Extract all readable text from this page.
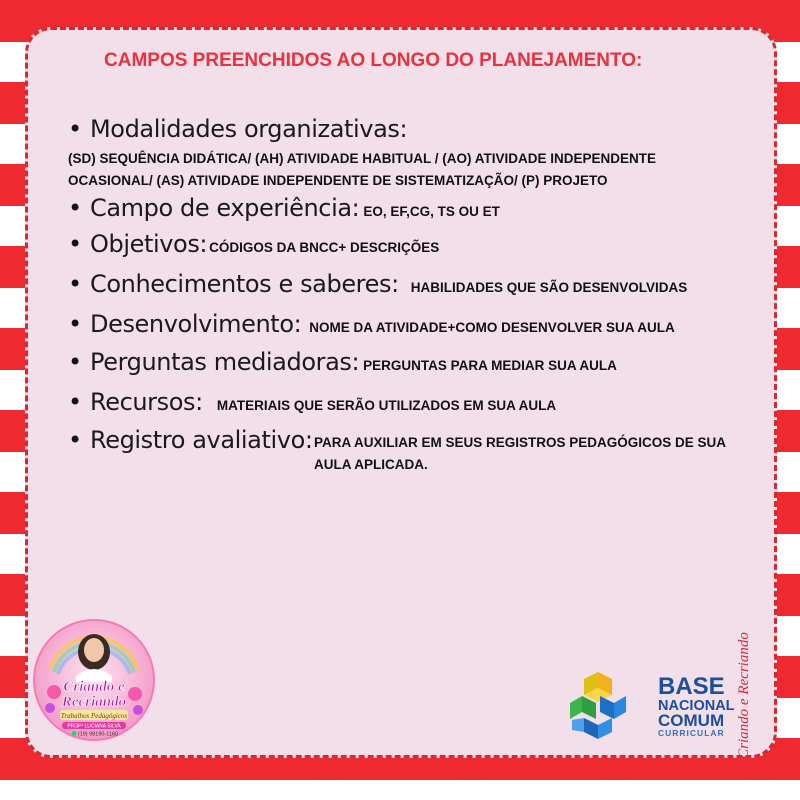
CAMPOS PREENCHIDOS AO LONGO DO PLANEJAMENTO:
• Modalidades organizativas:
(SD) SEQUÊNCIA DIDÁTICA/ (AH) ATIVIDADE HABITUAL / (AO) ATIVIDADE INDEPENDENTE
OCASIONAL/ (AS) ATIVIDADE INDEPENDENTE DE SISTEMATIZAÇÃO/ (P) PROJETO
• Campo de experiência: EO, EF,CG, TS OU ET
• Objetivos: CÓDIGOS DA BNCC+ DESCRIÇÕES
• Conhecimentos e saberes: HABILIDADES QUE SÃO DESENVOLVIDAS
• Desenvolvimento: NOME DA ATIVIDADE+COMO DESENVOLVER SUA AULA
• Perguntas mediadoras: PERGUNTAS PARA MEDIAR SUA AULA
• Recursos: MATERIAIS QUE SERÃO UTILIZADOS EM SUA AULA
• Registro avaliativo: PARA AUXILIAR EM SEUS REGISTROS PEDAGÓGICOS DE SUA
AULA APLICADA.
Criando e
Recriando
Trabalhos Pedagógicos
PROFª LUCIANA SILVA
(19) 98190-1160
BASE
NACIONAL
COMUM
CURRICULAR Criando e Recriando
